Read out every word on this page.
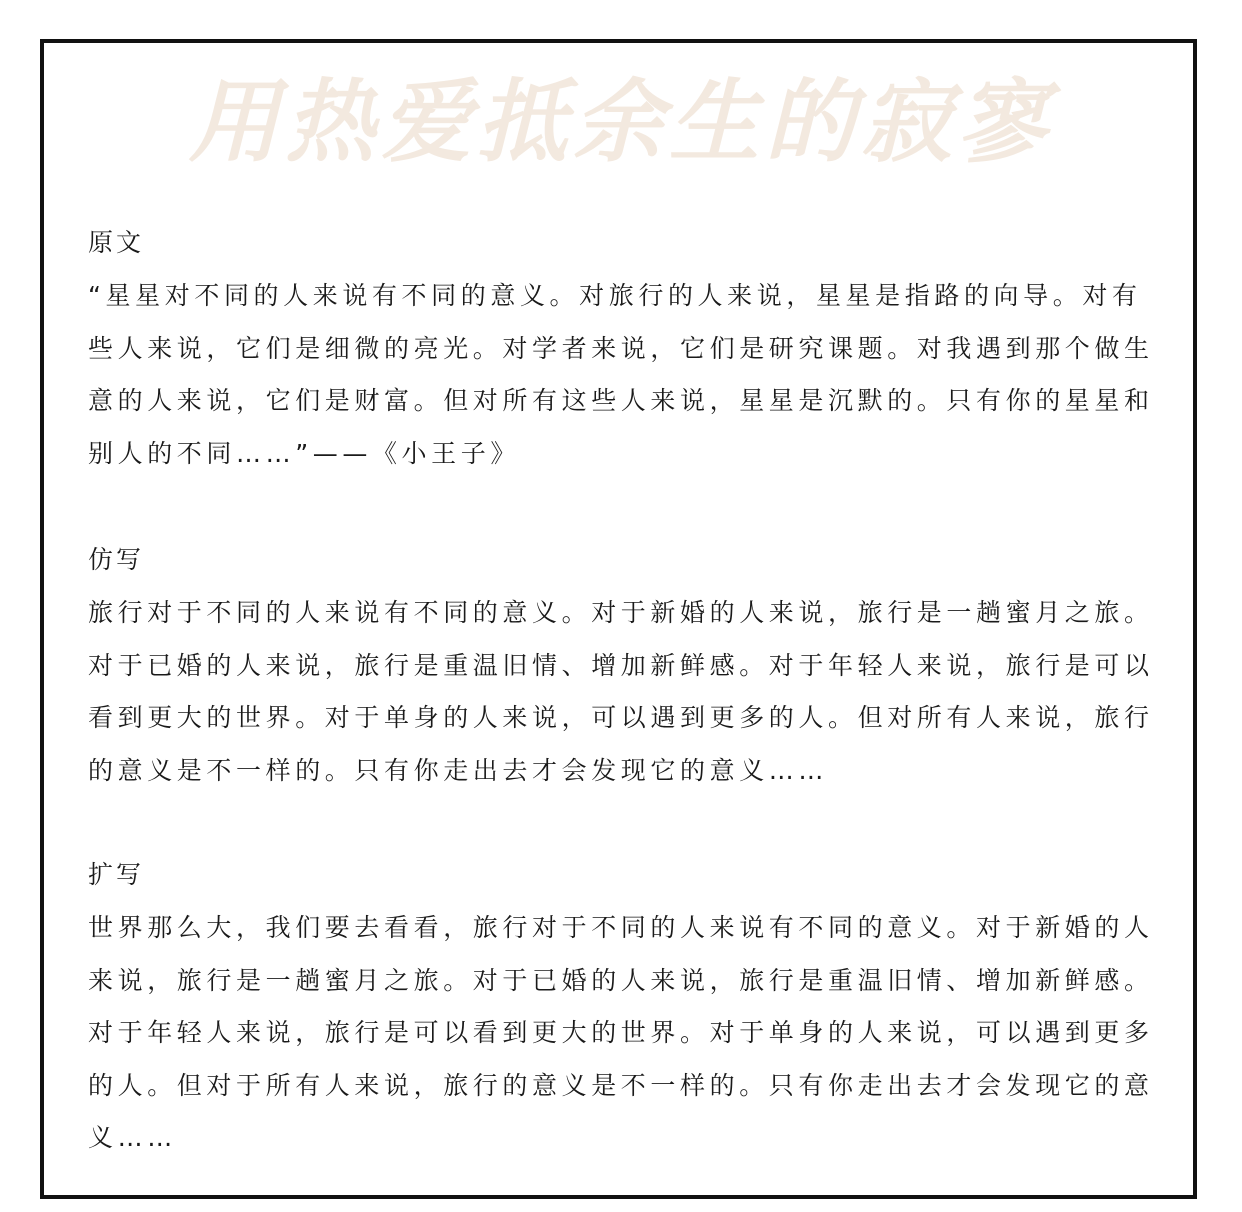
用热爱抵余生的寂寥
原文

“星星对不同的人来说有不同的意义。对旅行的人来说，星星是指路的向导。对有些人来说，它们是细微的亮光。对学者来说，它们是研究课题。对我遇到那个做生意的人来说，它们是财富。但对所有这些人来说，星星是沉默的。只有你的星星和别人的不同……”——《小王子》

仿写

旅行对于不同的人来说有不同的意义。对于新婚的人来说，旅行是一趟蜜月之旅。对于已婚的人来说，旅行是重温旧情、增加新鲜感。对于年轻人来说，旅行是可以看到更大的世界。对于单身的人来说，可以遇到更多的人。但对所有人来说，旅行的意义是不一样的。只有你走出去才会发现它的意义……

扩写

世界那么大，我们要去看看，旅行对于不同的人来说有不同的意义。对于新婚的人来说，旅行是一趟蜜月之旅。对于已婚的人来说，旅行是重温旧情、增加新鲜感。对于年轻人来说，旅行是可以看到更大的世界。对于单身的人来说，可以遇到更多的人。但对于所有人来说，旅行的意义是不一样的。只有你走出去才会发现它的意义……
